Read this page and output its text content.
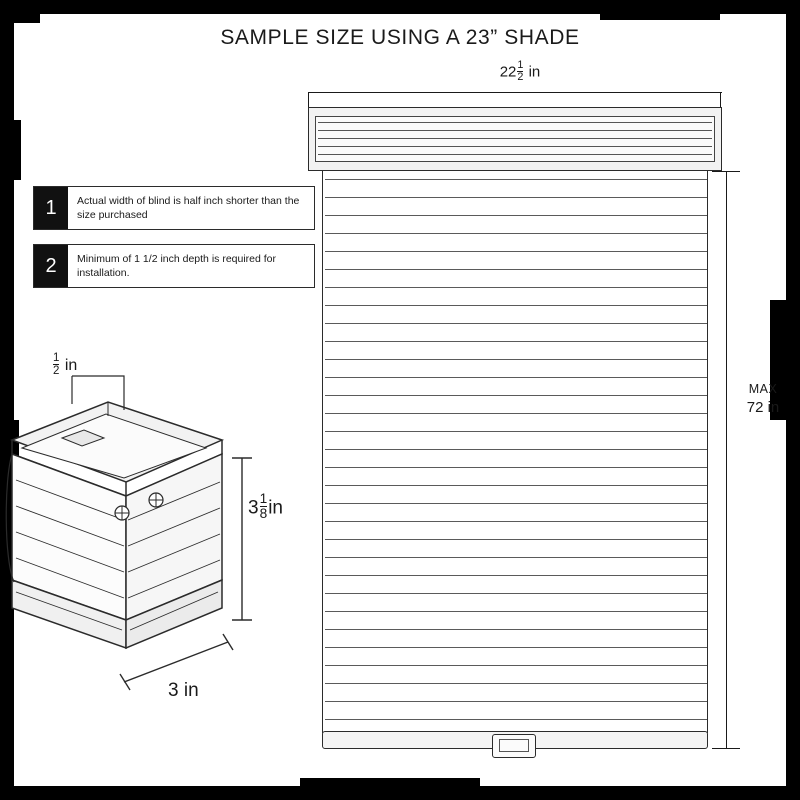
SAMPLE SIZE USING A 23” SHADE
$22 \frac{1}{2}$ in
MAX
72 in
1	Actual width of blind is half inch shorter than the size purchased
2	Minimum of 1 1/2 inch depth is required for installation.
$\frac{1}{2}$ in
$3 \frac{1}{8}$ in
3 in
